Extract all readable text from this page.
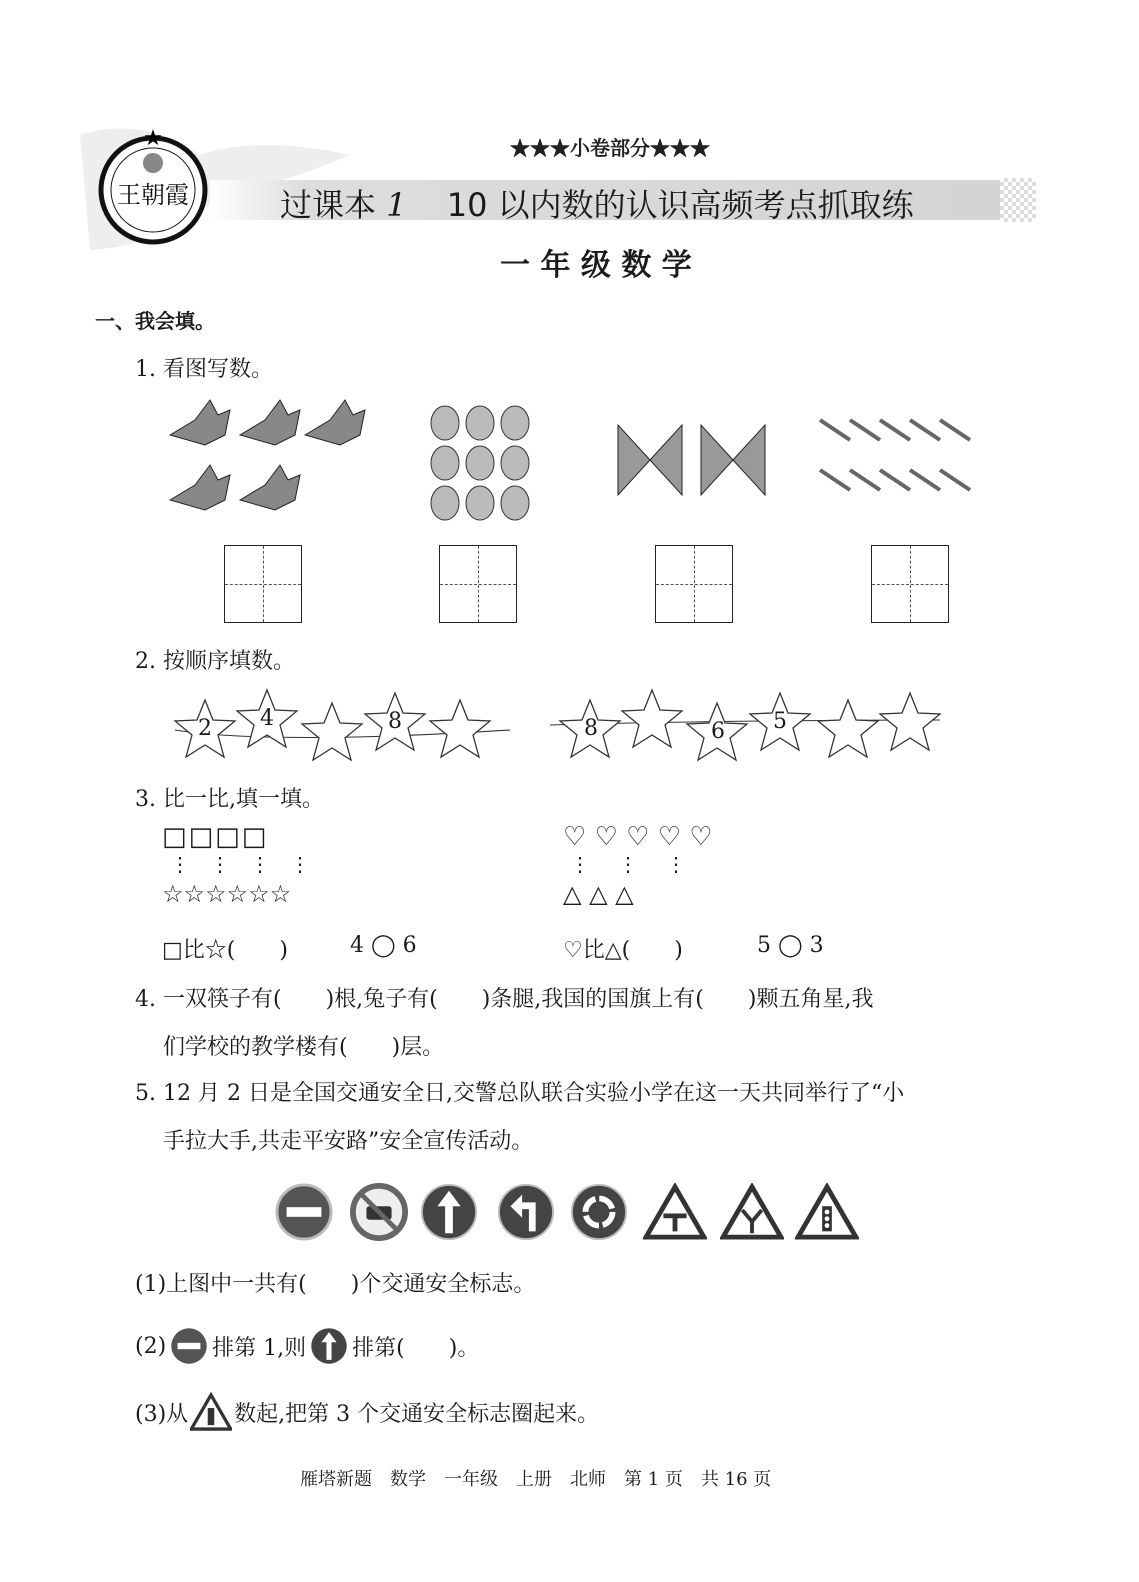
王朝霞
★	★★★小卷部分★★★
过课本 1 10 以内数的认识高频考点抓取练
一 年 级 数 学
一、我会填。
1. 看图写数。
2. 按顺序填数。
2 4	8	8	6 5
3. 比一比,填一填。
□□□□
⋮⋮⋮⋮
☆☆☆☆☆☆
♡ ♡ ♡ ♡ ♡
⋮⋮⋮
△ △ △
□比☆(　　)	4 ◯ 6	♡比△(　　)	5 ◯ 3
4. 一双筷子有(　　)根,兔子有(　　)条腿,我国的国旗上有(　　)颗五角星,我
们学校的教学楼有(　　)层。
5. 12 月 2 日是全国交通安全日,交警总队联合实验小学在这一天共同举行了“小
手拉大手,共走平安路”安全宣传活动。
(1)上图中一共有(　　)个交通安全标志。
(2) 排第 1,则 排第(　　)。
(3)从 数起,把第 3 个交通安全标志圈起来。
雁塔新题　数学　一年级　上册　北师　第 1 页　共 16 页
